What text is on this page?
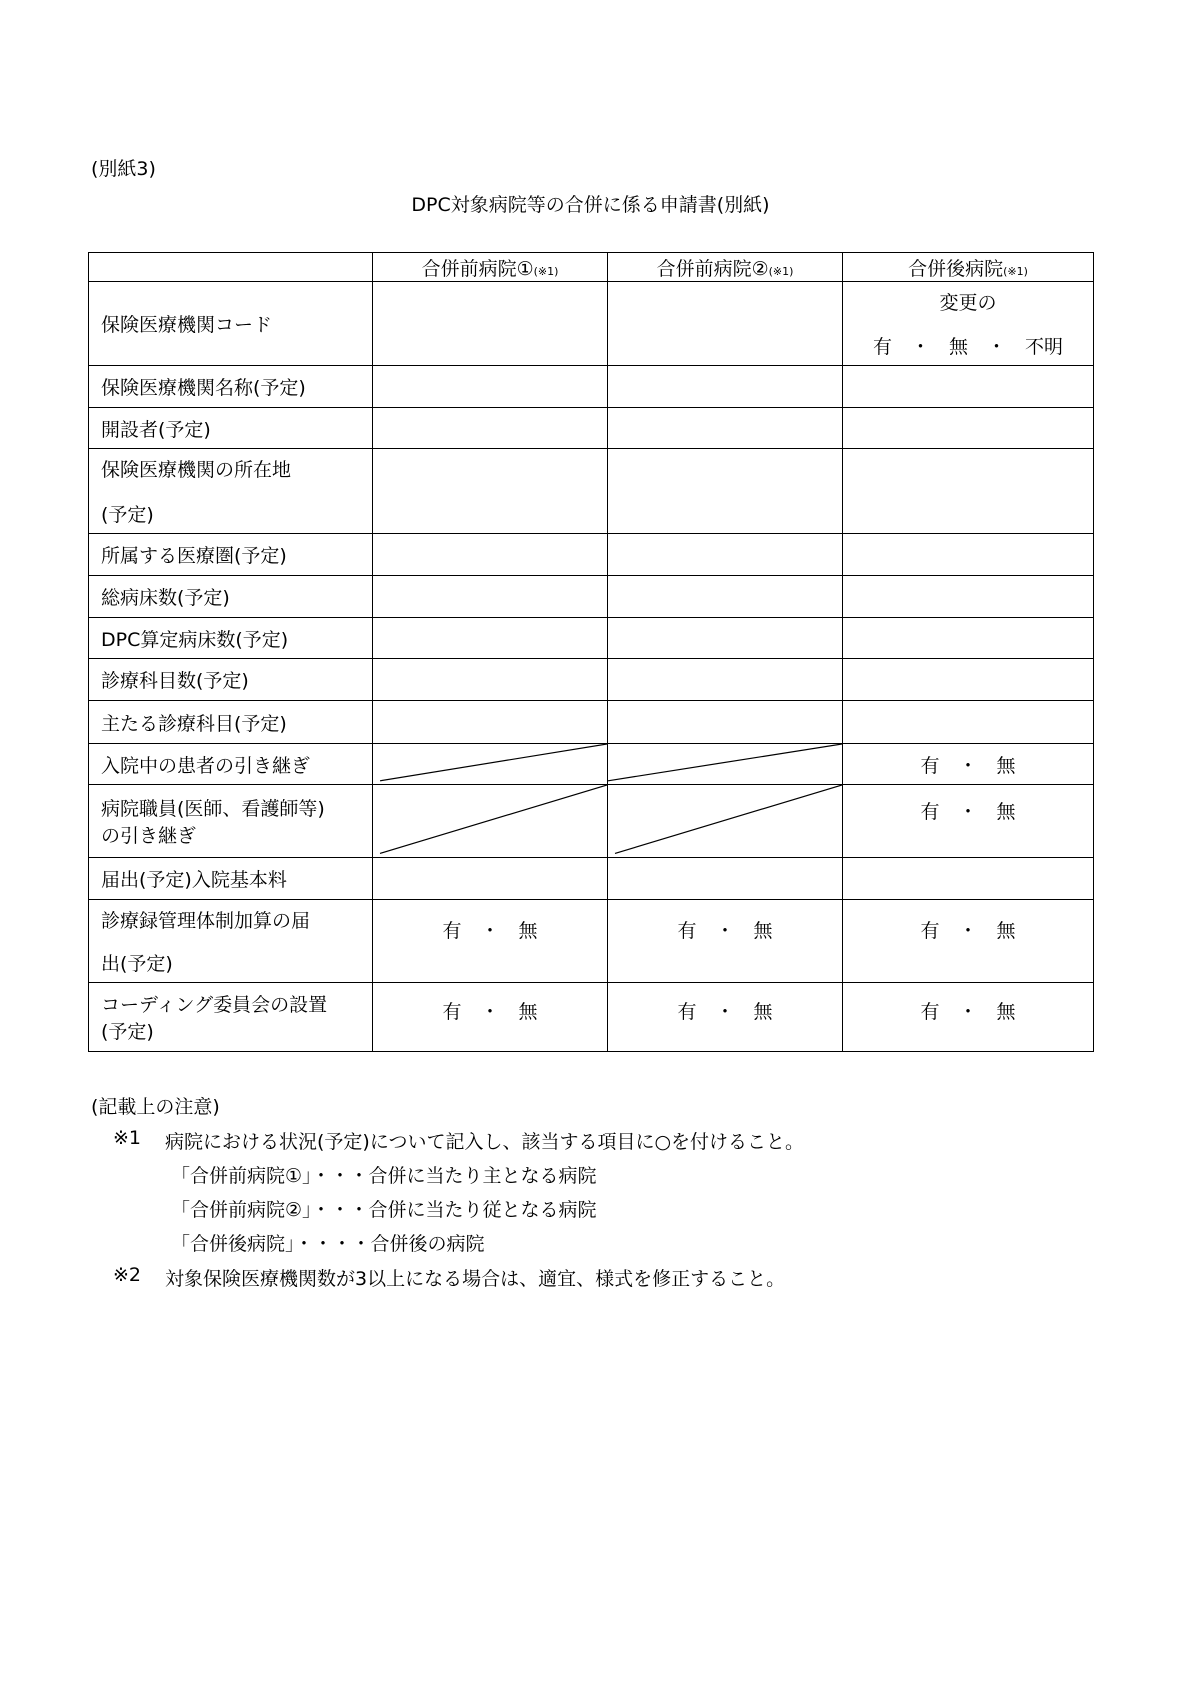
(別紙3)
DPC対象病院等の合併に係る申請書(別紙)
	合併前病院①(※1)	合併前病院②(※1)	合併後病院(※1)
保険医療機関コード			変更の
有　・　無　・　不明

保険医療機関名称(予定)			
開設者(予定)			

保険医療機関の所在地
(予定)			

所属する医療圏(予定)			
総病床数(予定)			
DPC算定病床数(予定)			
診療科目数(予定)			
主たる診療科目(予定)			
入院中の患者の引き継ぎ			有　・　無

病院職員(医師、看護師等)
の引き継ぎ			有　・　無
届出(予定)入院基本料			

診療録管理体制加算の届
出(予定)	有　・　無	有　・　無	有　・　無

コーディング委員会の設置
(予定)	有　・　無	有　・　無	有　・　無
(記載上の注意)
※1 病院における状況(予定)について記入し、該当する項目に○を付けること。
「合併前病院①」・・・合併に当たり主となる病院
「合併前病院②」・・・合併に当たり従となる病院
「合併後病院」・・・・合併後の病院
※2 対象保険医療機関数が3以上になる場合は、適宜、様式を修正すること。
